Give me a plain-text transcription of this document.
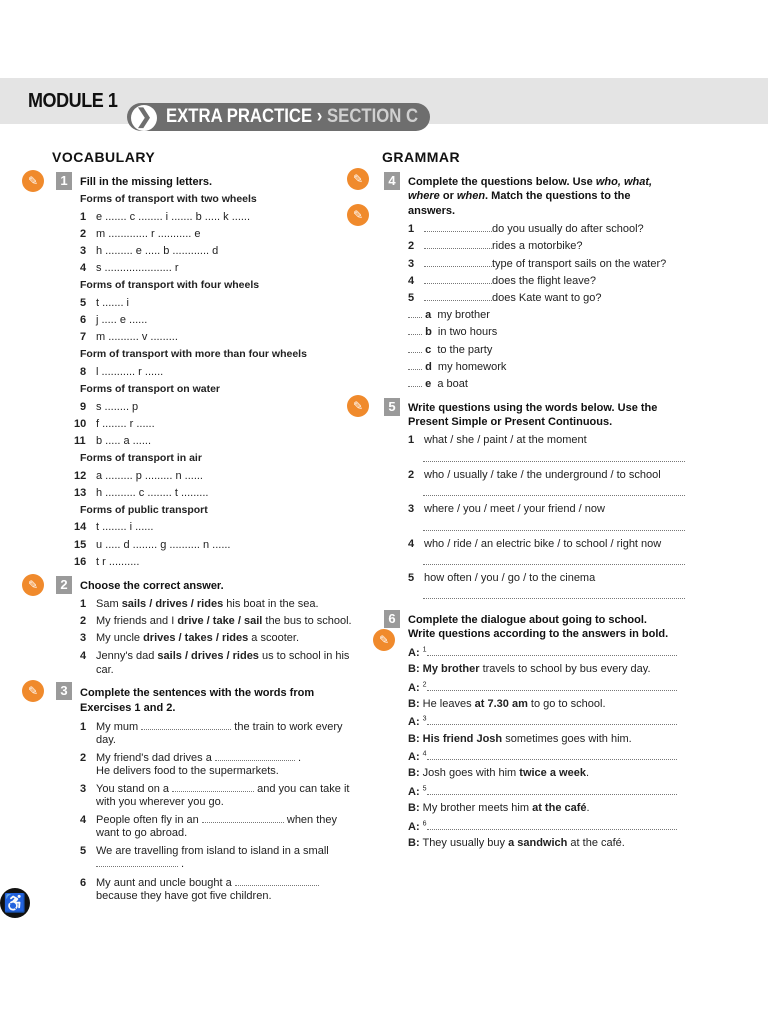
MODULE 1
❯ EXTRA PRACTICE › SECTION C
VOCABULARY
✎	1	Fill in the missing letters.
Forms of transport with two wheels
1 e ....... c ........ i ....... b ..... k ......
2 m ............. r ........... e
3 h ......... e ..... b ............ d
4 s ...................... r
Forms of transport with four wheels
5 t ....... i
6 j ..... e ......
7 m .......... v .........
Form of transport with more than four wheels
8 l ........... r ......
Forms of transport on water
9 s ........ p
10 f ........ r ......
11 b ..... a ......
Forms of transport in air
12 a ......... p ......... n ......
13 h .......... c ........ t .........
Forms of public transport
14 t ........ i ......
15 u ..... d ........ g .......... n ......
16 t r ..........
✎	2	Choose the correct answer.
1 Sam sails / drives / rides his boat in the sea.
2 My friends and I drive / take / sail the bus to school.
3 My uncle drives / takes / rides a scooter.
4 Jenny's dad sails / drives / rides us to school in his
car.
✎	3	Complete the sentences with the words from
Exercises 1 and 2.
1 My mum	the train to work every
day.
2 My friend's dad drives a	.
He delivers food to the supermarkets.
3 You stand on a	and you can take it
with you wherever you go.
4 People often fly in an	when they
want to go abroad.
5 We are travelling from island to island in a small
.
6 My aunt and uncle bought a
because they have got five children.
GRAMMAR
✎
✎
4	Complete the questions below. Use who, what,
where or when. Match the questions to the
answers.
1	do you usually do after school?
2	rides a motorbike?
3	type of transport sails on the water?
4	does the flight leave?
5	does Kate want to go?
a my brother
b in two hours
c to the party
d my homework
e a boat
✎	5	Write questions using the words below. Use the
Present Simple or Present Continuous.
1 what / she / paint / at the moment
2 who / usually / take / the underground / to school
3 where / you / meet / your friend / now
4 who / ride / an electric bike / to school / right now
5 how often / you / go / to the cinema
6
✎
Complete the dialogue about going to school.
Write questions according to the answers in bold.
A: $^1$
B: My brother travels to school by bus every day.
A: $^2$
B: He leaves at 7.30 am to go to school.
A: $^3$
B: His friend Josh sometimes goes with him.
A: $^4$
B: Josh goes with him twice a week.
A: $^5$
B: My brother meets him at the café.
A: $^6$
B: They usually buy a sandwich at the café.
♿
